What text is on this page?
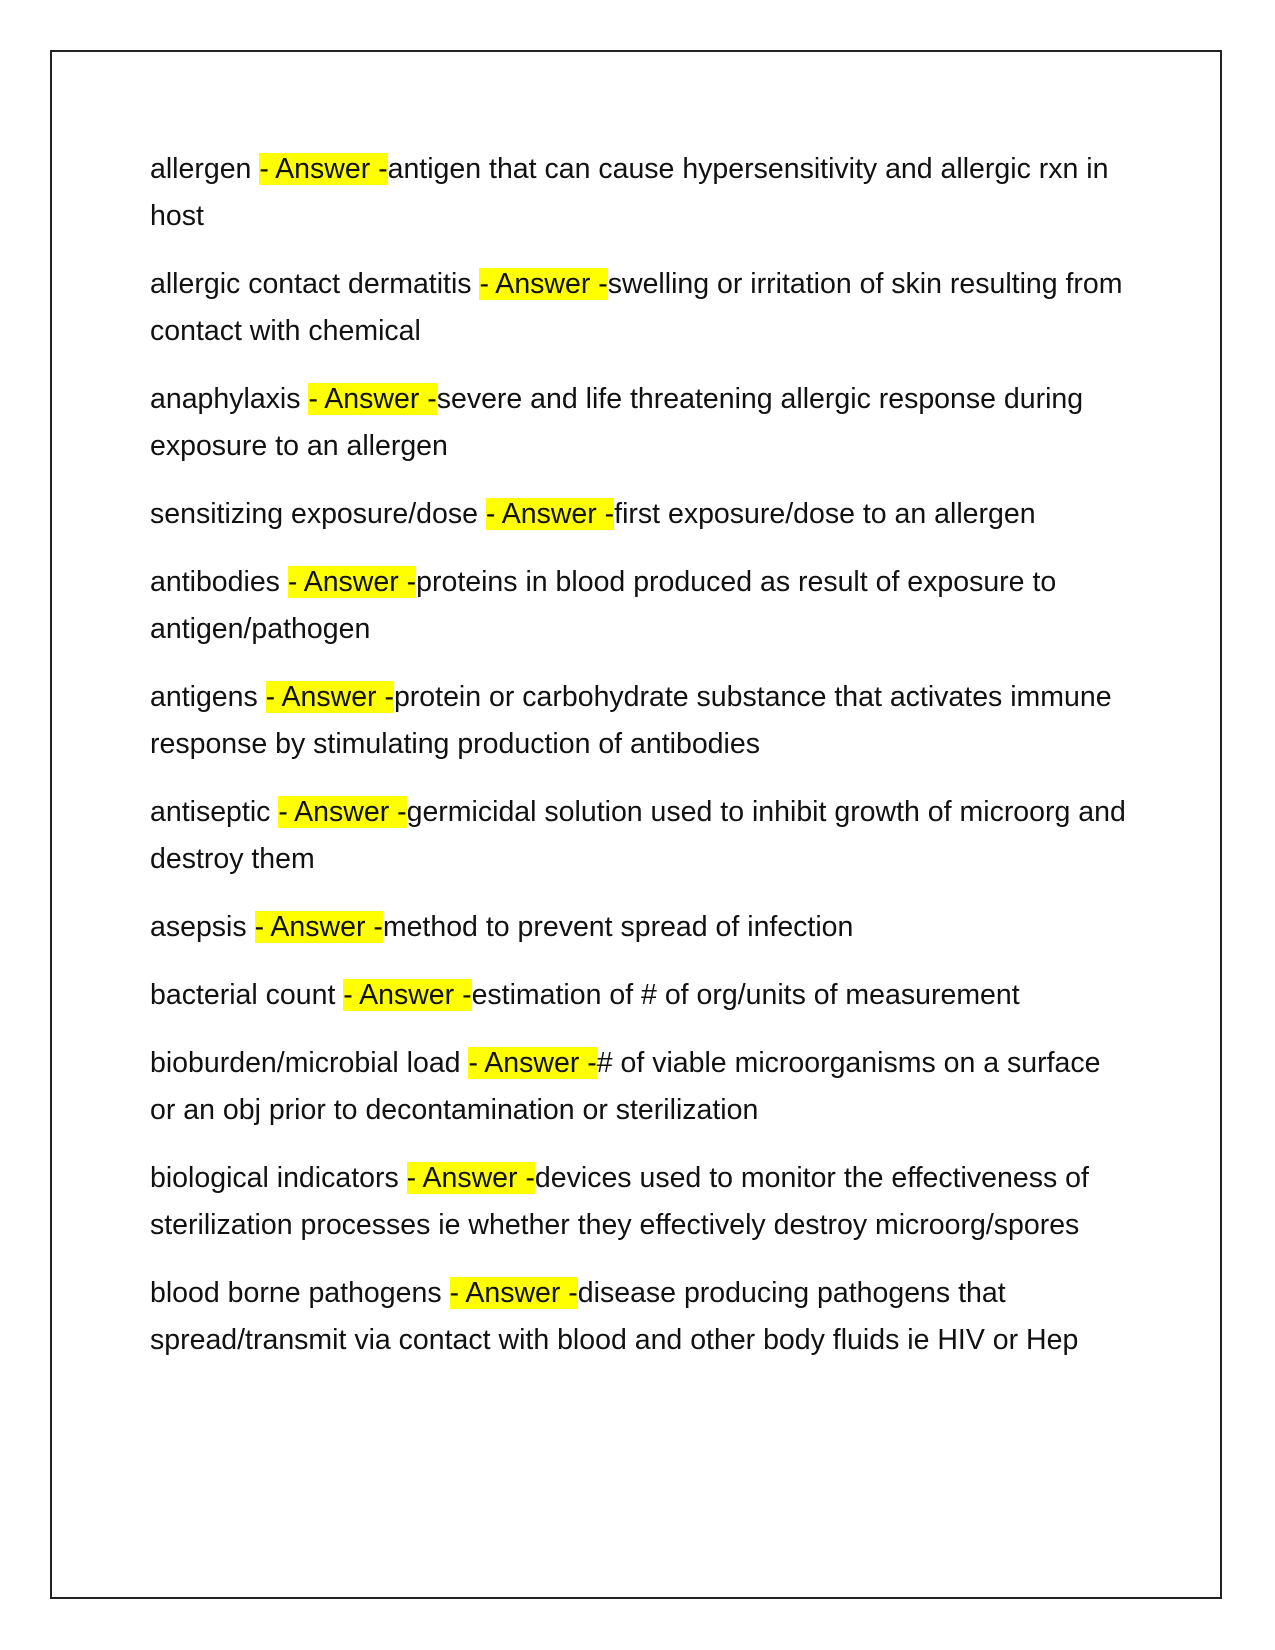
allergen - Answer -antigen that can cause hypersensitivity and allergic rxn in host

allergic contact dermatitis - Answer -swelling or irritation of skin resulting from contact with chemical

anaphylaxis - Answer -severe and life threatening allergic response during exposure to an allergen

sensitizing exposure/dose - Answer -first exposure/dose to an allergen

antibodies - Answer -proteins in blood produced as result of exposure to antigen/pathogen

antigens - Answer -protein or carbohydrate substance that activates immune response by stimulating production of antibodies

antiseptic - Answer -germicidal solution used to inhibit growth of microorg and destroy them

asepsis - Answer -method to prevent spread of infection

bacterial count - Answer -estimation of # of org/units of measurement

bioburden/microbial load - Answer -# of viable microorganisms on a surface or an obj prior to decontamination or sterilization

biological indicators - Answer -devices used to monitor the effectiveness of sterilization processes ie whether they effectively destroy microorg/spores

blood borne pathogens - Answer -disease producing pathogens that spread/transmit via contact with blood and other body fluids ie HIV or Hep
